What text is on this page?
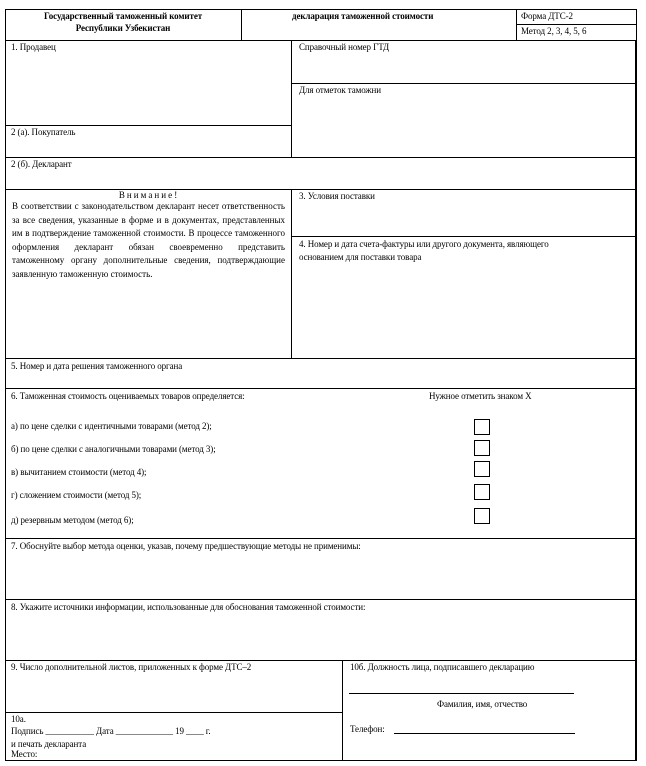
Государственный таможенный комитет
Республики Узбекистан
декларация таможенной стоимости	Форма ДТС-2
Метод 2, 3, 4, 5, 6
1. Продавец	Справочный номер ГТД
Для отметок таможни
2 (а). Покупатель
2 (б). Декларант
В н и м а н и е !
В соответствии с законодательством декларант несет ответственность за все сведения, указанные в форме и в документах, представленных им в подтверждение таможенной стоимости. В процессе таможенного оформления декларант обязан своевременно представить таможенному органу дополнительные сведения, подтверждающие заявленную таможенную стоимость.
3. Условия поставки
4. Номер и дата счета-фактуры или другого документа, являющего
основанием для поставки товара
5. Номер и дата решения таможенного органа
6. Таможенная стоимость оцениваемых товаров определяется:	Нужное отметить знаком Х
а) по цене сделки с идентичными товарами (метод 2);
б) по цене сделки с аналогичными товарами (метод 3);
в) вычитанием стоимости (метод 4);
г) сложением стоимости (метод 5);
д) резервным методом (метод 6);
7. Обоснуйте выбор метода оценки, указав, почему предшествующие методы не применимы:
8. Укажите источники информации, использованные для обоснования таможенной стоимости:
9. Число дополнительной листов, приложенных к форме ДТС–2
10а.
Подпись ___________ Дата _____________ 19 ____ г.
и печать декларанта
Место:
10б. Должность лица, подписавшего декларацию
Фамилия, имя, отчество
Телефон:
